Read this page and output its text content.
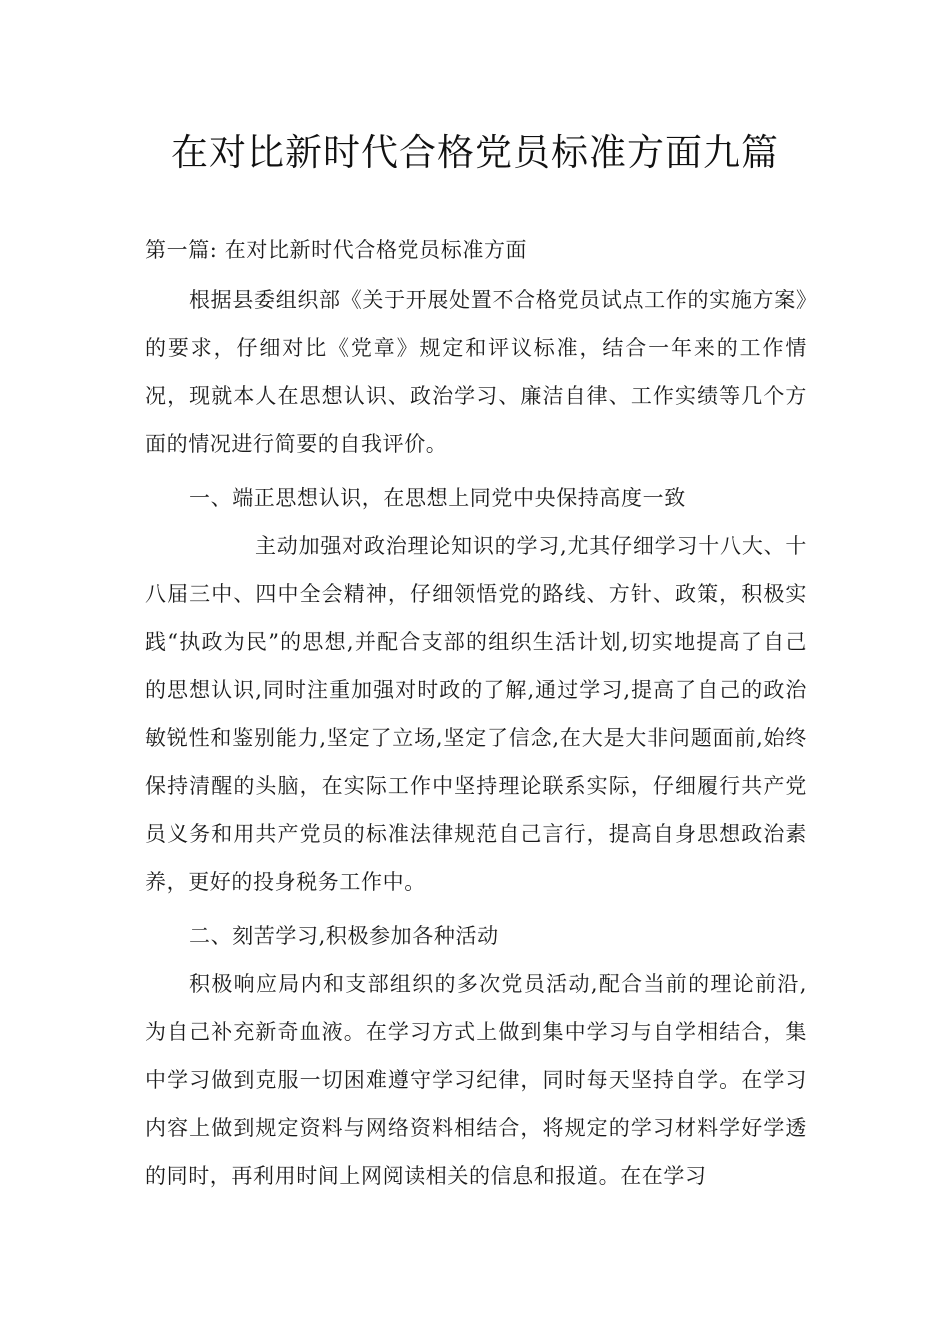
在对比新时代合格党员标准方面九篇

第一篇: 在对比新时代合格党员标准方面

根据县委组织部《关于开展处置不合格党员试点工作的实施方案》的要求，仔细对比《党章》规定和评议标准，结合一年来的工作情况，现就本人在思想认识、政治学习、廉洁自律、工作实绩等几个方面的情况进行简要的自我评价。

一、端正思想认识，在思想上同党中央保持高度一致

主动加强对政治理论知识的学习,尤其仔细学习十八大、十八届三中、四中全会精神，仔细领悟党的路线、方针、政策，积极实践“执政为民”的思想,并配合支部的组织生活计划,切实地提高了自己的思想认识,同时注重加强对时政的了解,通过学习,提高了自己的政治敏锐性和鉴别能力,坚定了立场,坚定了信念,在大是大非问题面前,始终保持清醒的头脑，在实际工作中坚持理论联系实际，仔细履行共产党员义务和用共产党员的标准法律规范自己言行，提高自身思想政治素养，更好的投身税务工作中。

二、刻苦学习,积极参加各种活动

积极响应局内和支部组织的多次党员活动,配合当前的理论前沿,为自己补充新奇血液。在学习方式上做到集中学习与自学相结合，集中学习做到克服一切困难遵守学习纪律，同时每天坚持自学。在学习内容上做到规定资料与网络资料相结合，将规定的学习材料学好学透的同时，再利用时间上网阅读相关的信息和报道。在在学习
